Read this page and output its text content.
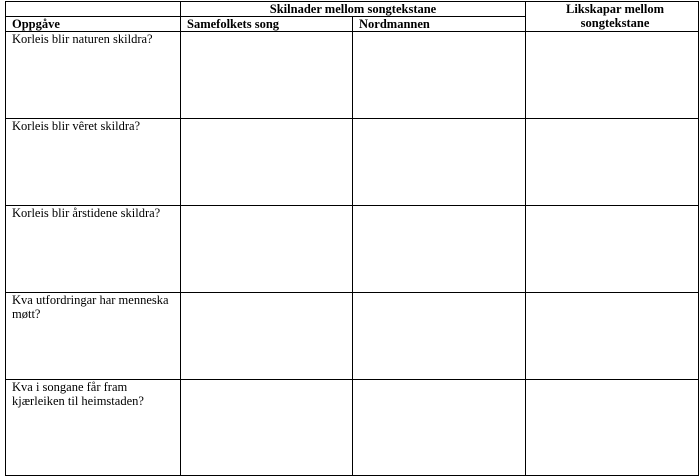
	Skilnader mellom songtekstane		Likskapar mellom songtekstane
Oppgåve	Samefolkets song	Nordmannen	
Korleis blir naturen skildra?			
Korleis blir vêret skildra?			
Korleis blir årstidene skildra?			
Kva utfordringar har menneska møtt?			
Kva i songane får fram kjærleiken til heimstaden?			
